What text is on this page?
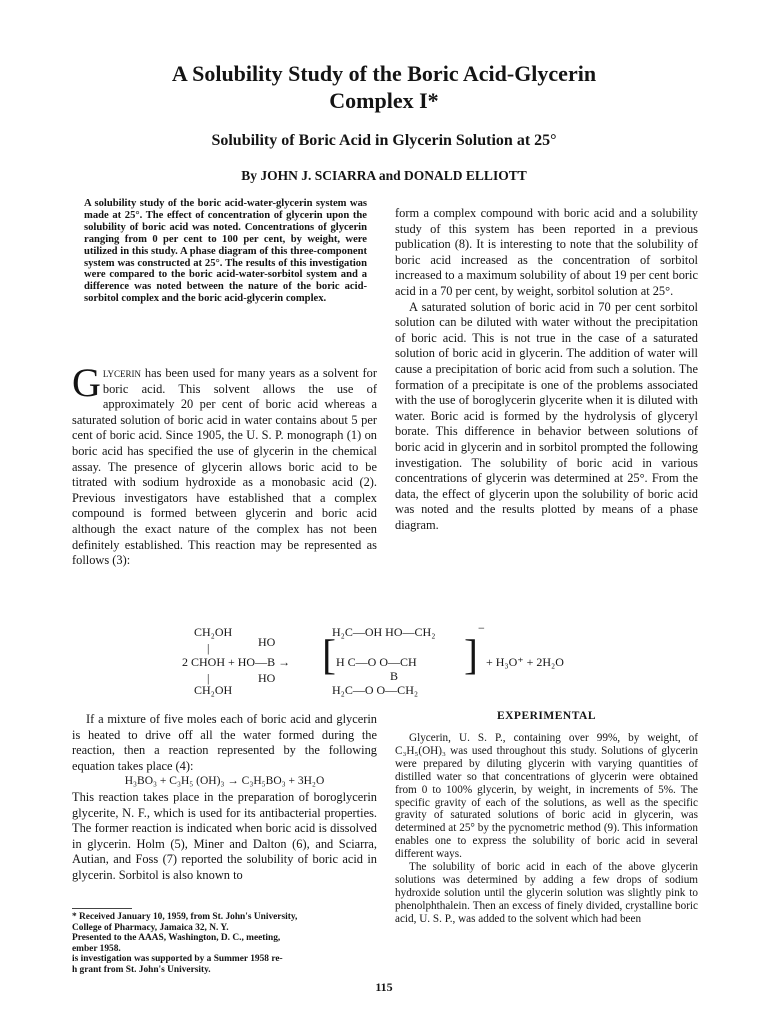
A Solubility Study of the Boric Acid-Glycerin
Complex I*
Solubility of Boric Acid in Glycerin Solution at 25°
By JOHN J. SCIARRA and DONALD ELLIOTT
A solubility study of the boric acid-water-glycerin system was made at 25°. The effect of concentration of glycerin upon the solubility of boric acid was noted. Concentrations of glycerin ranging from 0 per cent to 100 per cent, by weight, were utilized in this study. A phase diagram of this three-component system was constructed at 25°. The results of this investigation were compared to the boric acid-water-sorbitol system and a difference was noted between the nature of the boric acid-sorbitol complex and the boric acid-glycerin complex.

Glycerin has been used for many years as a solvent for boric acid. This solvent allows the use of approximately 20 per cent of boric acid whereas a saturated solution of boric acid in water contains about 5 per cent of boric acid. Since 1905, the U. S. P. monograph (1) on boric acid has specified the use of glycerin in the chemical assay. The presence of glycerin allows boric acid to be titrated with sodium hydroxide as a monobasic acid (2). Previous investigators have established that a complex compound is formed between glycerin and boric acid although the exact nature of the complex has not been definitely established. This reaction may be represented as follows (3):

form a complex compound with boric acid and a solubility study of this system has been reported in a previous publication (8). It is interesting to note that the solubility of boric acid increased as the concentration of sorbitol increased to a maximum solubility of about 19 per cent boric acid in a 70 per cent, by weight, sorbitol solution at 25°.

A saturated solution of boric acid in 70 per cent sorbitol solution can be diluted with water without the precipitation of boric acid. This is not true in the case of a saturated solution of boric acid in glycerin. The addition of water will cause a precipitation of boric acid from such a solution. The formation of a precipitate is one of the problems associated with the use of boroglycerin glycerite when it is diluted with water. Boric acid is formed by the hydrolysis of glyceryl borate. This difference in behavior between solutions of boric acid in glycerin and in sorbitol prompted the following investigation. The solubility of boric acid in various concentrations of glycerin was determined at 25°. From the data, the effect of glycerin upon the solubility of boric acid was noted and the results plotted by means of a phase diagram.

CH₂OH
|
2 CHOH + HO—B →
|
CH₂OH
HO
HO [
H₂C—OH HO—CH₂
H C—O O—CH
B
H₂C—O O—CH₂
]
−
+ H₃O⁺ + 2H₂O

If a mixture of five moles each of boric acid and glycerin is heated to drive off all the water formed during the reaction, then a reaction represented by the following equation takes place (4):

H₃BO₃ + C₃H₅ (OH)₃ → C₃H₅BO₃ + 3H₂O

This reaction takes place in the preparation of boroglycerin glycerite, N. F., which is used for its antibacterial properties. The former reaction is indicated when boric acid is dissolved in glycerin. Holm (5), Miner and Dalton (6), and Sciarra, Autian, and Foss (7) reported the solubility of boric acid in glycerin. Sorbitol is also known to

EXPERIMENTAL

Glycerin, U. S. P., containing over 99%, by weight, of C₃H₅(OH)₃ was used throughout this study. Solutions of glycerin were prepared by diluting glycerin with varying quantities of distilled water so that concentrations of glycerin were obtained from 0 to 100% glycerin, by weight, in increments of 5%. The specific gravity of each of the solutions, as well as the specific gravity of saturated solutions of boric acid in glycerin, was determined at 25° by the pycnometric method (9). This information enables one to express the solubility of boric acid in several different ways.

The solubility of boric acid in each of the above glycerin solutions was determined by adding a few drops of sodium hydroxide solution until the glycerin solution was slightly pink to phenolphthalein. Then an excess of finely divided, crystalline boric acid, U. S. P., was added to the solvent which had been

* Received January 10, 1959, from St. John's University,
College of Pharmacy, Jamaica 32, N. Y.
Presented to the AAAS, Washington, D. C., meeting,
ember 1958.
is investigation was supported by a Summer 1958 re-
h grant from St. John's University.
115
